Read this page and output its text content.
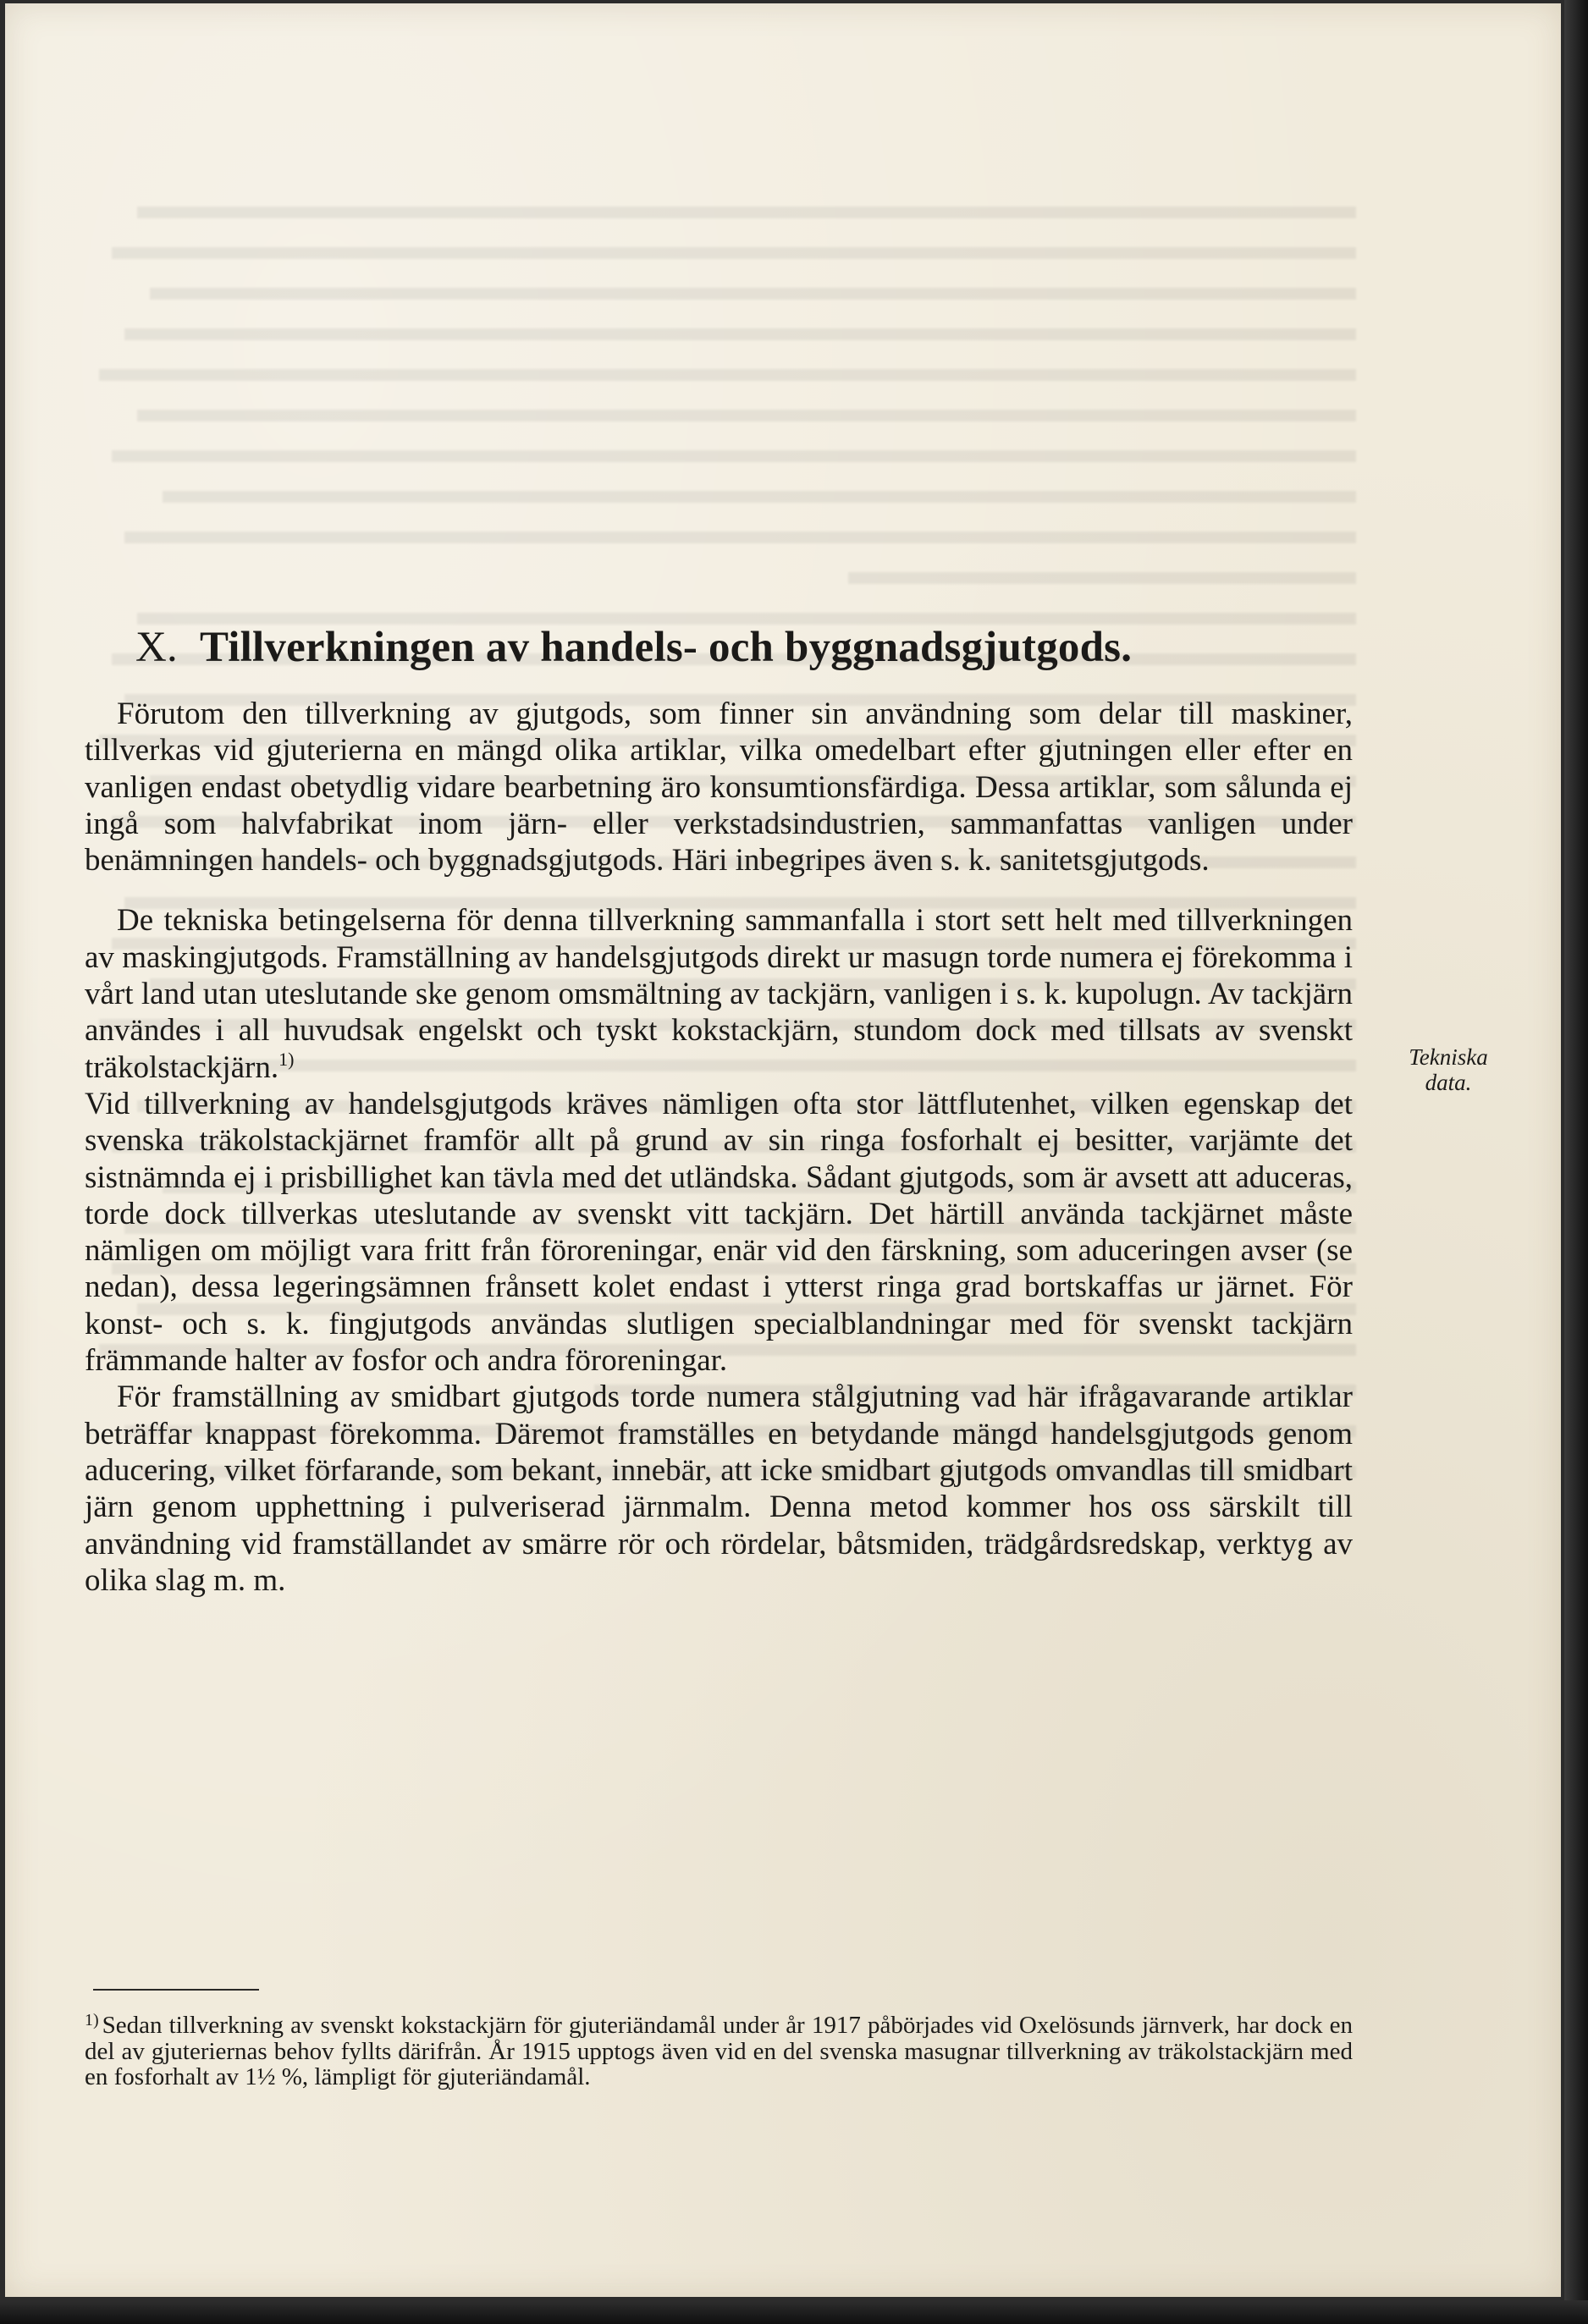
X. Tillverkningen av handels- och byggnadsgjutgods.

Förutom den tillverkning av gjutgods, som finner sin användning som delar till maskiner, tillverkas vid gjuterierna en mängd olika artiklar, vilka omedelbart efter gjutningen eller efter en vanligen endast obetydlig vidare bearbetning äro konsumtionsfärdiga. Dessa artiklar, som sålunda ej ingå som halvfabrikat inom järn- eller verkstadsindustrien, sammanfattas vanligen under benämningen handels- och byggnadsgjutgods. Häri inbegripes även s. k. sanitetsgjutgods.

De tekniska betingelserna för denna tillverkning sammanfalla i stort sett helt med tillverkningen av maskingjutgods. Framställning av handelsgjutgods direkt ur masugn torde numera ej förekomma i vårt land utan uteslutande ske genom omsmältning av tackjärn, vanligen i s. k. kupolugn. Av tackjärn användes i all huvudsak engelskt och tyskt kokstackjärn, stundom dock med tillsats av svenskt träkolstackjärn.$^{1)}$
Vid tillverkning av handelsgjutgods kräves nämligen ofta stor lättflutenhet, vilken egenskap det svenska träkolstackjärnet framför allt på grund av sin ringa fosforhalt ej besitter, varjämte det sistnämnda ej i prisbillighet kan tävla med det utländska. Sådant gjutgods, som är avsett att aduceras, torde dock tillverkas uteslutande av svenskt vitt tackjärn. Det härtill använda tackjärnet måste nämligen om möjligt vara fritt från föroreningar, enär vid den färskning, som aduceringen avser (se nedan), dessa legeringsämnen frånsett kolet endast i ytterst ringa grad bortskaffas ur järnet. För konst- och s. k. fingjutgods användas slutligen specialblandningar med för svenskt tackjärn främmande halter av fosfor och andra föroreningar.

För framställning av smidbart gjutgods torde numera stålgjutning vad här ifrågavarande artiklar beträffar knappast förekomma. Däremot framställes en betydande mängd handelsgjutgods genom aducering, vilket förfarande, som bekant, innebär, att icke smidbart gjutgods omvandlas till smidbart järn genom upphettning i pulveriserad järnmalm. Denna metod kommer hos oss särskilt till användning vid framställandet av smärre rör och rördelar, båtsmiden, trädgårdsredskap, verktyg av olika slag m. m.

Tekniska
data.
$^{1)}$ Sedan tillverkning av svenskt kokstackjärn för gjuteriändamål under år 1917 påbörjades vid Oxelösunds järnverk, har dock en del av gjuteriernas behov fyllts därifrån. År 1915 upptogs även vid en del svenska masugnar tillverkning av träkolstackjärn med en fosforhalt av 1½ %, lämpligt för gjuteriändamål.
